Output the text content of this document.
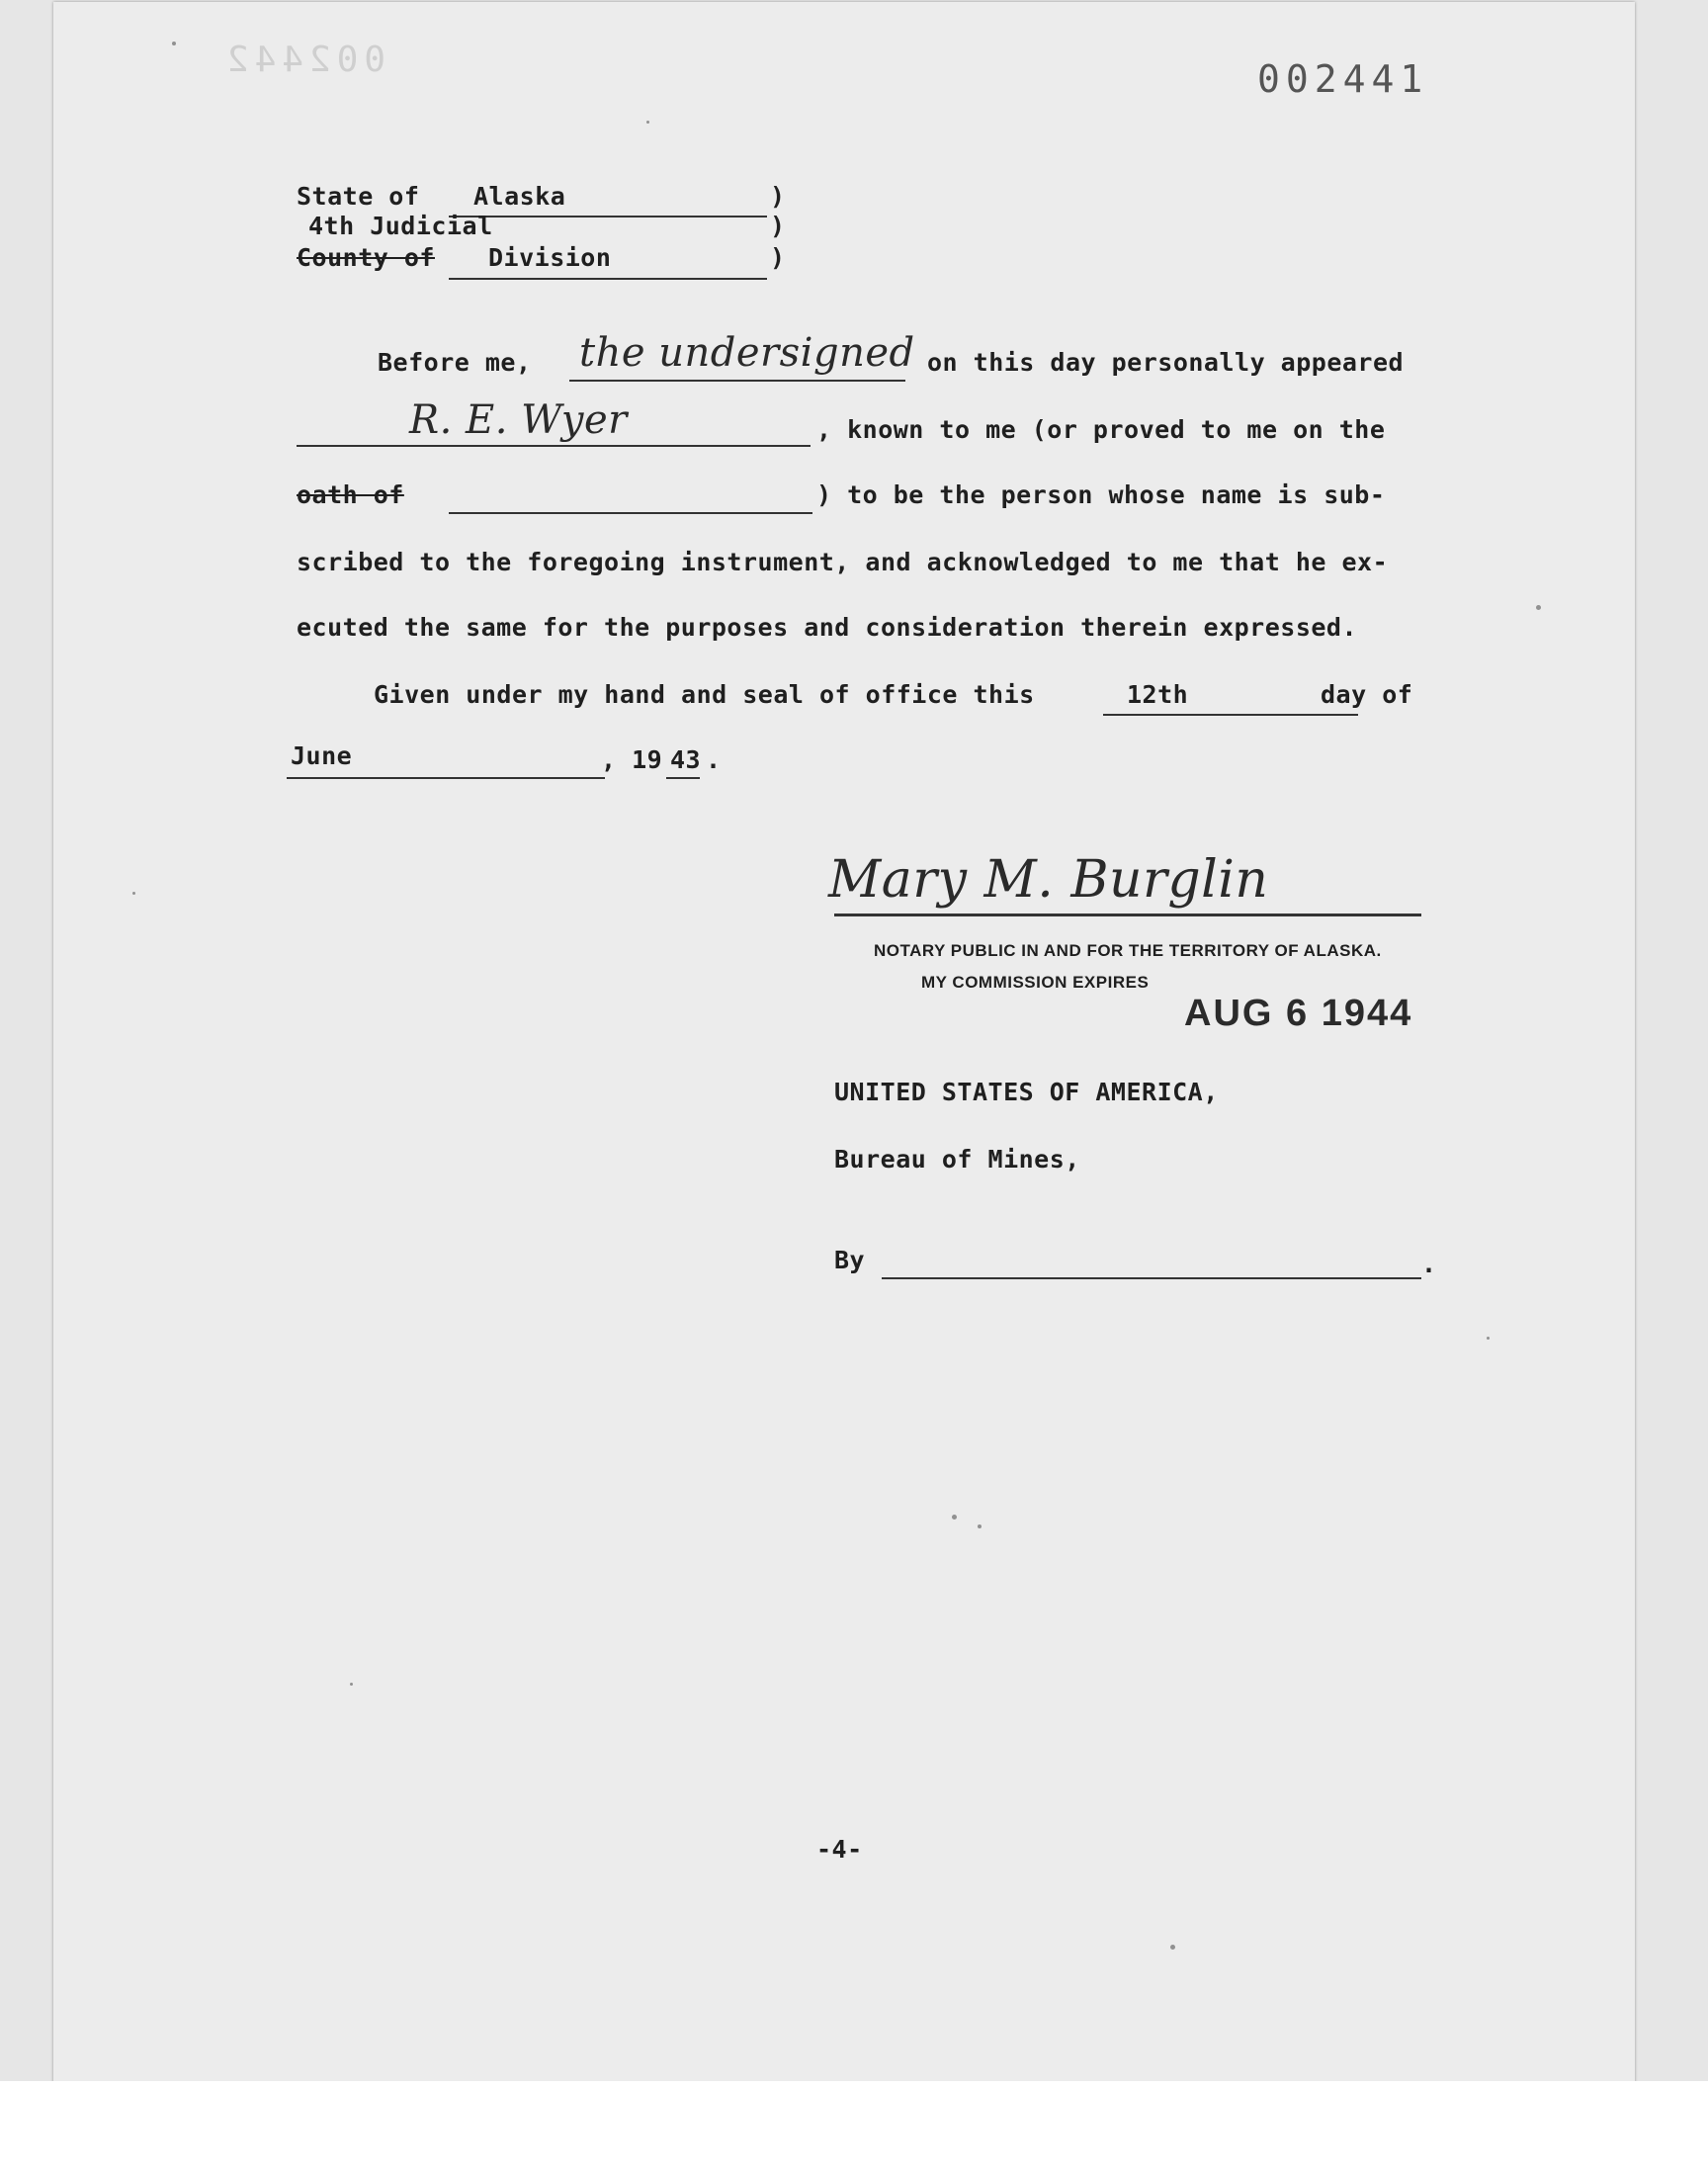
002442	002441
State of Alaska	)
4th Judicial	)
County of Division	)
Before me, the undersigned on this day personally appeared
R. E. Wyer	, known to me (or proved to me on the
oath of	) to be the person whose name is sub-
scribed to the foregoing instrument, and acknowledged to me that he ex-
ecuted the same for the purposes and consideration therein expressed.
Given under my hand and seal of office this	12th	day of
June	, 19 43 .
Mary M. Burglin
NOTARY PUBLIC IN AND FOR THE TERRITORY OF ALASKA.
MY COMMISSION EXPIRES
AUG 6 1944
UNITED STATES OF AMERICA,
Bureau of Mines,
By	.
-4-
